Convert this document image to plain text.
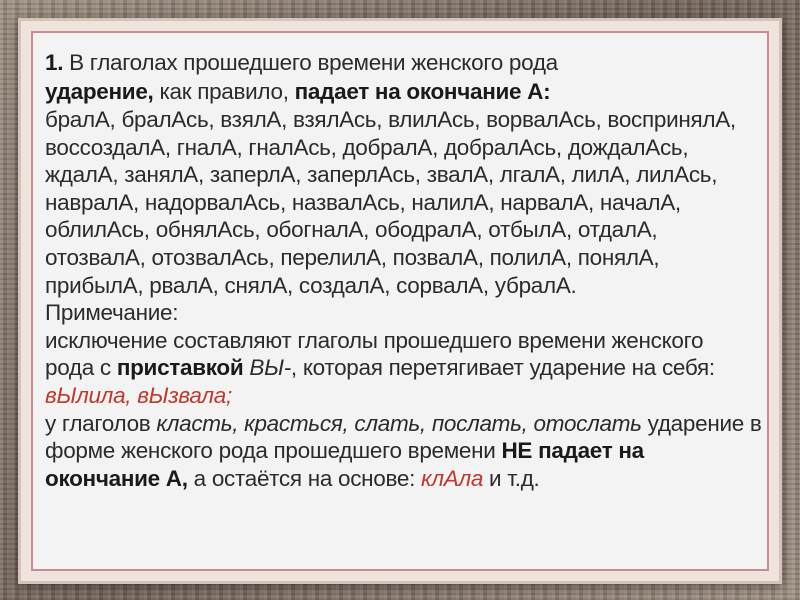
1. В глаголах прошедшего времени женского рода
ударение, как правило, падает на окончание А:
бралА, бралАсь, взялА, взялАсь, влилАсь, ворвалАсь, воспринялА,
воссоздалА, гналА, гналАсь, добралА, добралАсь, дождалАсь,
ждалА, занялА, заперлА, заперлАсь, звалА, лгалА, лилА, лилАсь,
навралА, надорвалАсь, назвалАсь, налилА, нарвалА, началА,
облилАсь, обнялАсь, обогналА, ободралА, отбылА, отдалА,
отозвалА, отозвалАсь, перелилА, позвалА, полилА, понялА,
прибылА, рвалА, снялА, создалА, сорвалА, убралА.
Примечание:
исключение составляют глаголы прошедшего времени женского
рода с приставкой ВЫ-, которая перетягивает ударение на себя:
вЫлила, вЫзвала;
у глаголов класть, красться, слать, послать, отослать ударение в
форме женского рода прошедшего времени НЕ падает на
окончание А, а остаётся на основе: клАла и т.д.
